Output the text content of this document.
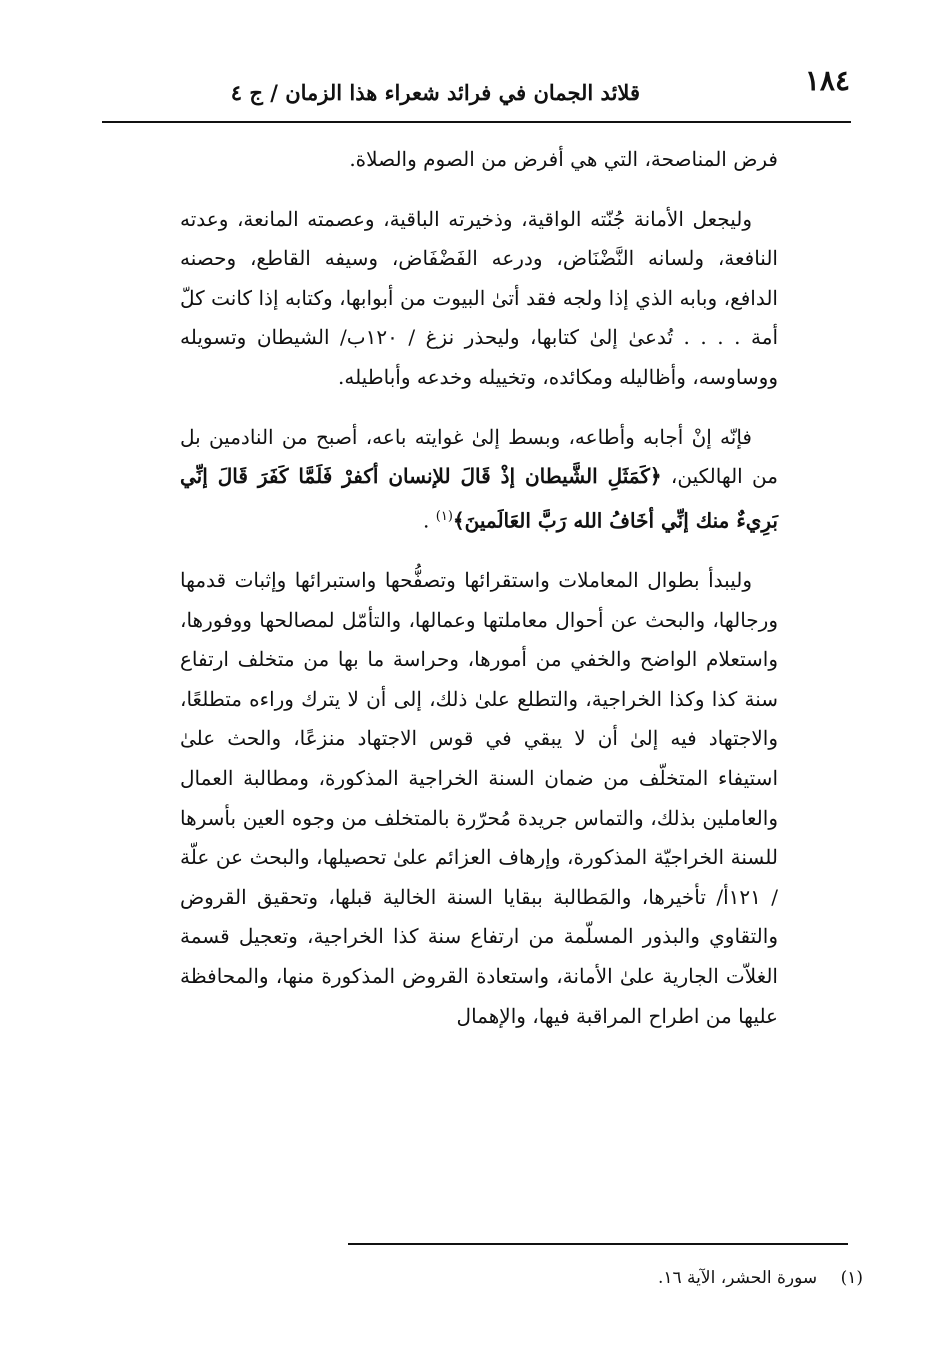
١٨٤
قلائد الجمان في فرائد شعراء هذا الزمان / ج ٤

فرض المناصحة، التي هي أفرض من الصوم والصلاة.

وليجعل الأمانة جُنّته الواقية، وذخيرته الباقية، وعصمته المانعة، وعدته النافعة، ولسانه النَّضْنَاض، ودرعه الفَضْفَاض، وسيفه القاطع، وحصنه الدافع، وبابه الذي إذا ولجه فقد أتىٰ البيوت من أبوابها، وكتابه إذا كانت كلّ أمة . . . . تُدعىٰ إلىٰ كتابها، وليحذر نزغ / ١٢٠ب/ الشيطان وتسويله ووساوسه، وأظاليله ومكائده، وتخييله وخدعه وأباطيله.

فإنّه إنْ أجابه وأطاعه، وبسط إلىٰ غوايته باعه، أصبح من النادمين بل من الهالكين، ﴿كَمَثَلِ الشَّيطان إذْ قَالَ للإنسان أكفرْ فَلَمَّا كَفَرَ قَالَ إنِّي بَرِيءٌ منك إنِّي أخَافُ الله رَبَّ العَالَمينَ﴾$^{(١)}$ .

وليبدأ بطوال المعاملات واستقرائها وتصفُّحها واستبرائها وإثبات قدمها ورجالها، والبحث عن أحوال معاملتها وعمالها، والتأمّل لمصالحها ووفورها، واستعلام الواضح والخفي من أمورها، وحراسة ما بها من متخلف ارتفاع سنة كذا وكذا الخراجية، والتطلع علىٰ ذلك، إلى أن لا يترك وراءه متطلعًا، والاجتهاد فيه إلىٰ أن لا يبقي في قوس الاجتهاد منزعًا، والحث علىٰ استيفاء المتخلّف من ضمان السنة الخراجية المذكورة، ومطالبة العمال والعاملين بذلك، والتماس جريدة مُحرّرة بالمتخلف من وجوه العين بأسرها للسنة الخراجيّة المذكورة، وإرهاف العزائم علىٰ تحصيلها، والبحث عن علّة / ١٢١أ/ تأخيرها، والمَطالبة ببقايا السنة الخالية قبلها، وتحقيق القروض والتقاوي والبذور المسلّمة من ارتفاع سنة كذا الخراجية، وتعجيل قسمة الغلاّت الجارية علىٰ الأمانة، واستعادة القروض المذكورة منها، والمحافظة عليها من اطراح المراقبة فيها، والإهمال

(١) سورة الحشر، الآية ١٦.
